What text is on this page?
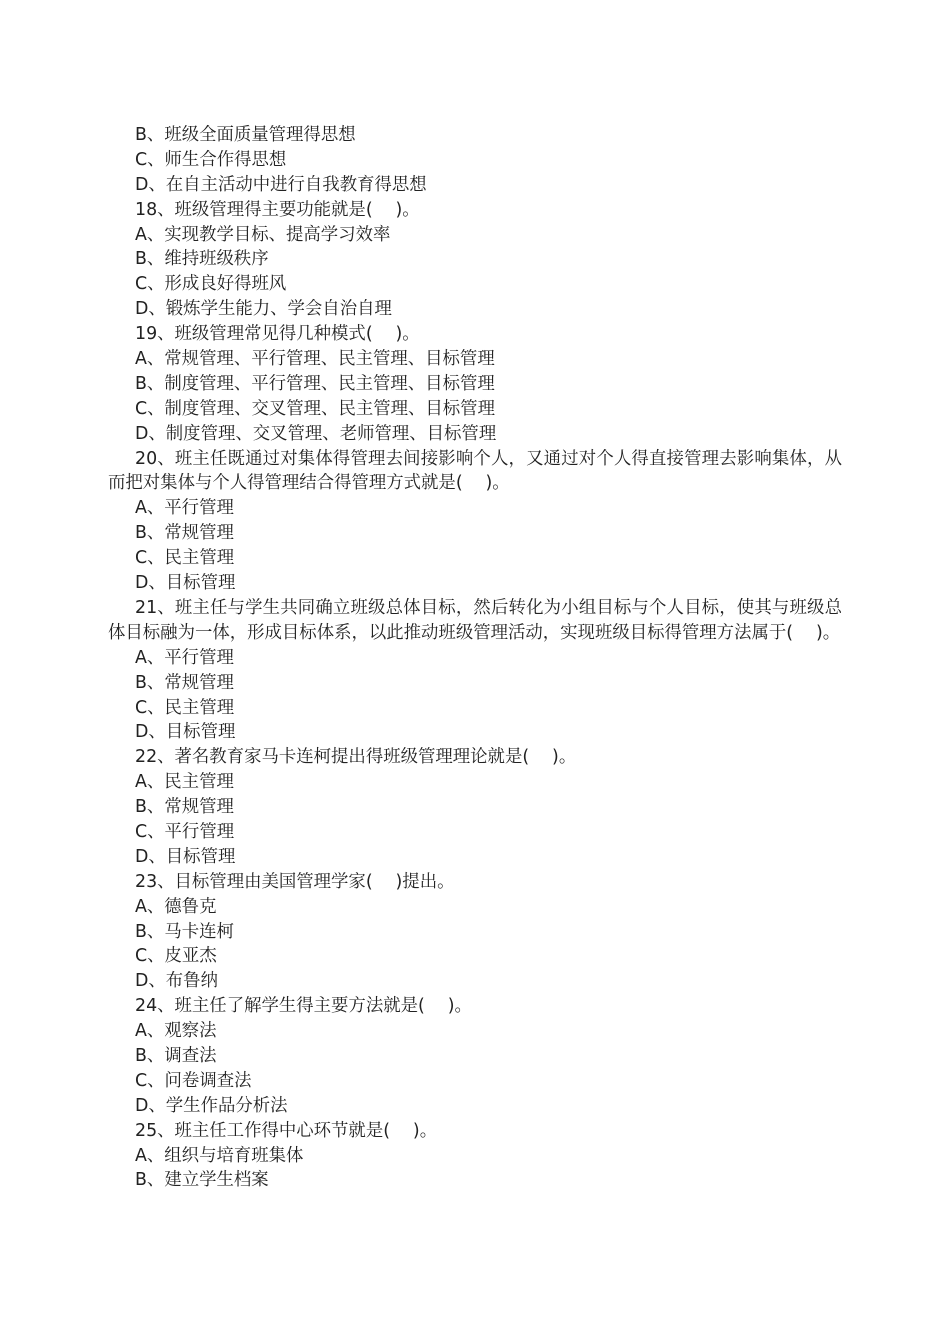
B、班级全面质量管理得思想
C、师生合作得思想
D、在自主活动中进行自我教育得思想
18、班级管理得主要功能就是(　 )。
A、实现教学目标、提高学习效率
B、维持班级秩序
C、形成良好得班风
D、锻炼学生能力、学会自治自理
19、班级管理常见得几种模式(　 )。
A、常规管理、平行管理、民主管理、目标管理
B、制度管理、平行管理、民主管理、目标管理
C、制度管理、交叉管理、民主管理、目标管理
D、制度管理、交叉管理、老师管理、目标管理

20、班主任既通过对集体得管理去间接影响个人，又通过对个人得直接管理去影响集体，从而把对集体与个人得管理结合得管理方式就是(　 )。

A、平行管理
B、常规管理
C、民主管理
D、目标管理

21、班主任与学生共同确立班级总体目标，然后转化为小组目标与个人目标，使其与班级总体目标融为一体，形成目标体系，以此推动班级管理活动，实现班级目标得管理方法属于(　 )。

A、平行管理
B、常规管理
C、民主管理
D、目标管理
22、著名教育家马卡连柯提出得班级管理理论就是(　 )。
A、民主管理
B、常规管理
C、平行管理
D、目标管理
23、目标管理由美国管理学家(　 )提出。
A、德鲁克
B、马卡连柯
C、皮亚杰
D、布鲁纳
24、班主任了解学生得主要方法就是(　 )。
A、观察法
B、调查法
C、问卷调查法
D、学生作品分析法
25、班主任工作得中心环节就是(　 )。
A、组织与培育班集体
B、建立学生档案
